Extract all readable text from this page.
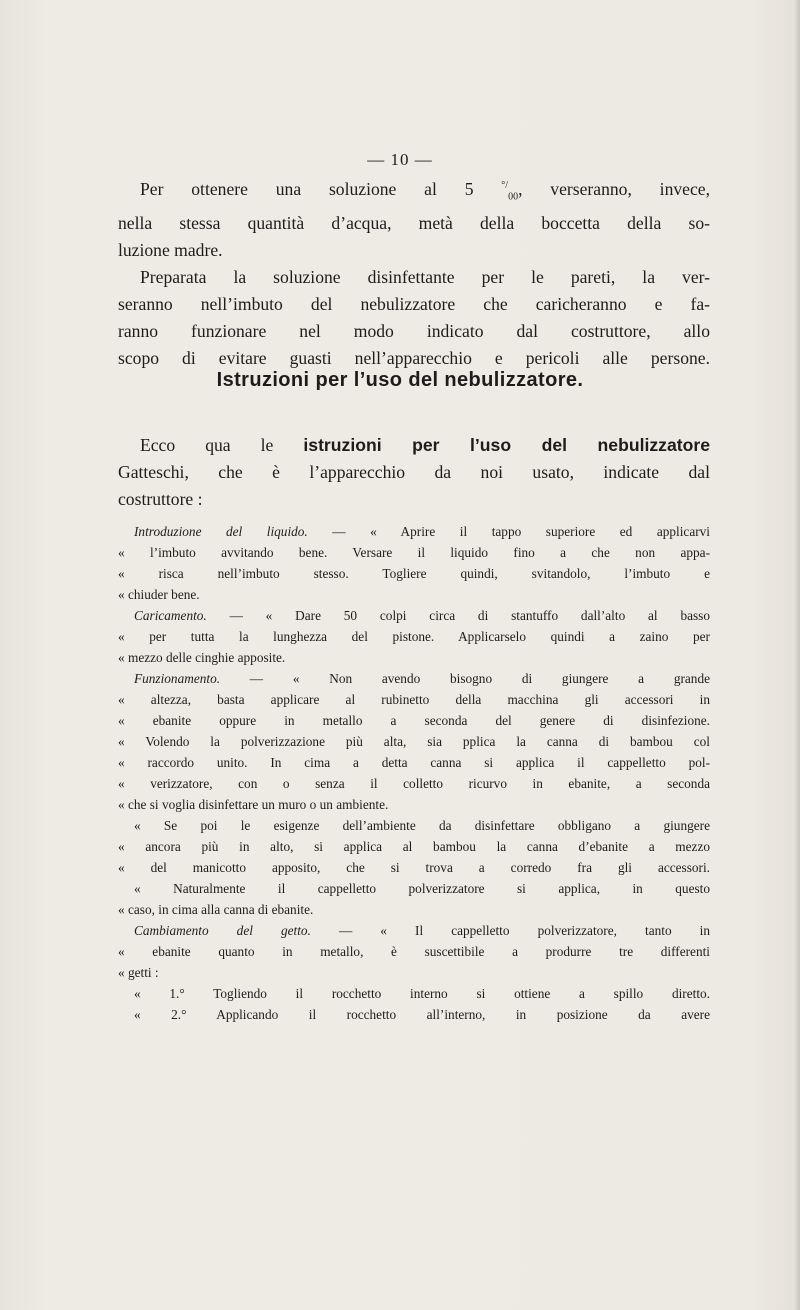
— 10 —
Per ottenere una soluzione al 5 °/$_{00}$, verseranno, invece,
nella stessa quantità d’acqua, metà della boccetta della so-
luzione madre.
Preparata la soluzione disinfettante per le pareti, la ver-
seranno nell’imbuto del nebulizzatore che caricheranno e fa-
ranno funzionare nel modo indicato dal costruttore, allo
scopo di evitare guasti nell’apparecchio e pericoli alle persone.
Istruzioni per l’uso del nebulizzatore.
Ecco qua le istruzioni per l’uso del nebulizzatore
Gatteschi, che è l’apparecchio da noi usato, indicate dal
costruttore :
Introduzione del liquido. — « Aprire il tappo superiore ed applicarvi
« l’imbuto avvitando bene. Versare il liquido fino a che non appa-
« risca nell’imbuto stesso. Togliere quindi, svitandolo, l’imbuto e
« chiuder bene.
Caricamento. — « Dare 50 colpi circa di stantuffo dall’alto al basso
« per tutta la lunghezza del pistone. Applicarselo quindi a zaino per
« mezzo delle cinghie apposite.
Funzionamento. — « Non avendo bisogno di giungere a grande
« altezza, basta applicare al rubinetto della macchina gli accessori in
« ebanite oppure in metallo a seconda del genere di disinfezione.
« Volendo la polverizzazione più alta, sia pplica la canna di bambou col
« raccordo unito. In cima a detta canna si applica il cappelletto pol-
« verizzatore, con o senza il colletto ricurvo in ebanite, a seconda
« che si voglia disinfettare un muro o un ambiente.
« Se poi le esigenze dell’ambiente da disinfettare obbligano a giungere
« ancora più in alto, si applica al bambou la canna d’ebanite a mezzo
« del manicotto apposito, che si trova a corredo fra gli accessori.
« Naturalmente il cappelletto polverizzatore si applica, in questo
« caso, in cima alla canna di ebanite.
Cambiamento del getto. — « Il cappelletto polverizzatore, tanto in
« ebanite quanto in metallo, è suscettibile a produrre tre differenti
« getti :
« 1.° Togliendo il rocchetto interno si ottiene a spillo diretto.
« 2.° Applicando il rocchetto all’interno, in posizione da avere
